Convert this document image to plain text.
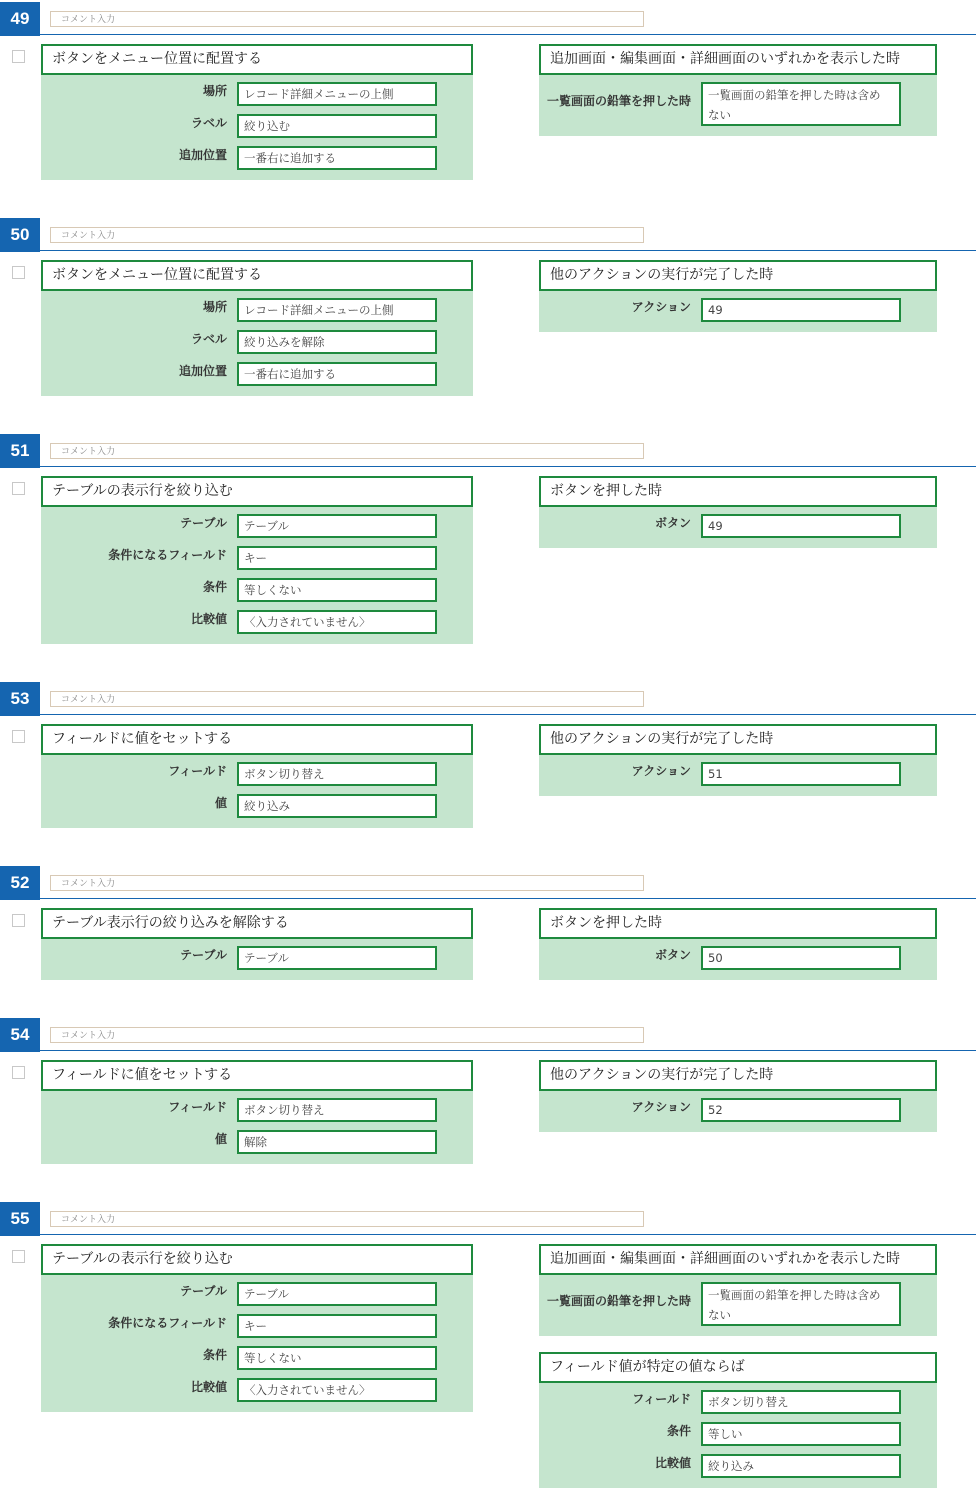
49	コメント入力
ボタンをメニュー位置に配置する
場所	レコード詳細メニューの上側
ラベル	絞り込む
追加位置	一番右に追加する
追加画面・編集画面・詳細画面のいずれかを表示した時
一覧画面の鉛筆を押した時	一覧画面の鉛筆を押した時は含めない
50	コメント入力
ボタンをメニュー位置に配置する
場所	レコード詳細メニューの上側
ラベル	絞り込みを解除
追加位置	一番右に追加する
他のアクションの実行が完了した時
アクション	49
51	コメント入力
テーブルの表示行を絞り込む
テーブル	テーブル
条件になるフィールド	キー
条件	等しくない
比較値	〈入力されていません〉
ボタンを押した時
ボタン	49
53	コメント入力
フィールドに値をセットする
フィールド	ボタン切り替え
値	絞り込み
他のアクションの実行が完了した時
アクション	51
52	コメント入力
テーブル表示行の絞り込みを解除する
テーブル	テーブル
ボタンを押した時
ボタン	50
54	コメント入力
フィールドに値をセットする
フィールド	ボタン切り替え
値	解除
他のアクションの実行が完了した時
アクション	52
55	コメント入力
テーブルの表示行を絞り込む
テーブル	テーブル
条件になるフィールド	キー
条件	等しくない
比較値	〈入力されていません〉
追加画面・編集画面・詳細画面のいずれかを表示した時
一覧画面の鉛筆を押した時	一覧画面の鉛筆を押した時は含めない
フィールド値が特定の値ならば
フィールド	ボタン切り替え
条件	等しい
比較値	絞り込み
